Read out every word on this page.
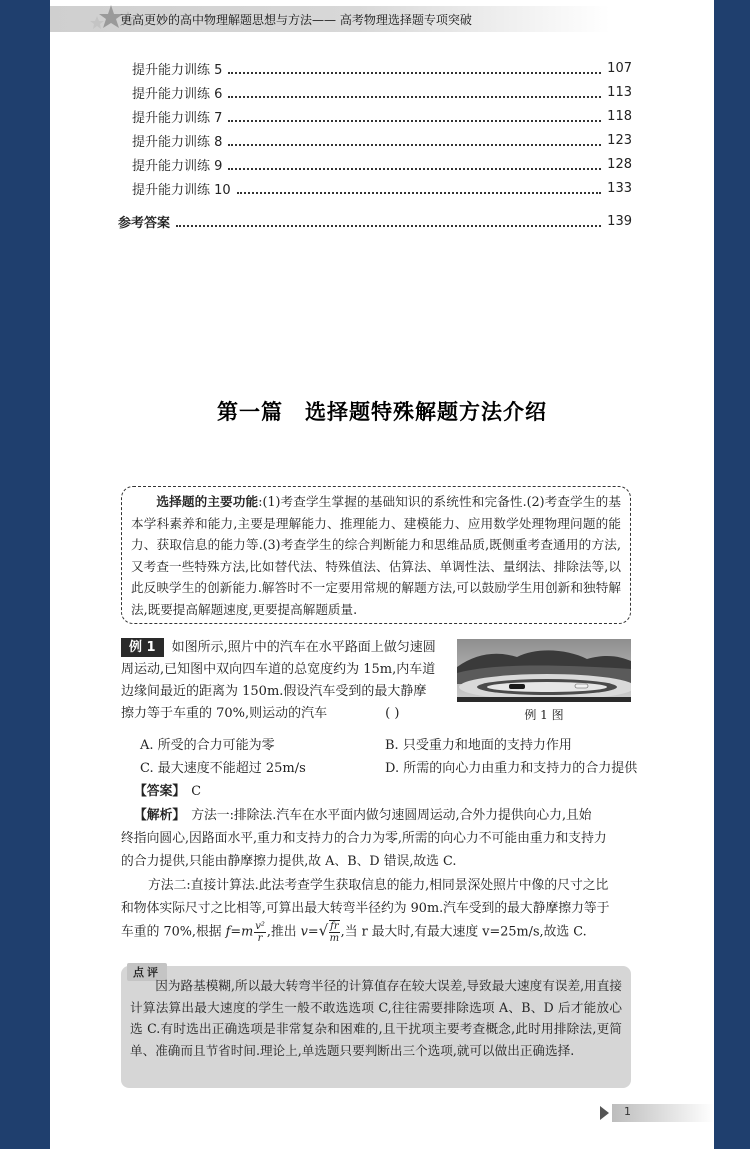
更高更妙的高中物理解题思想与方法—— 高考物理选择题专项突破
提升能力训练 5	107
提升能力训练 6	113
提升能力训练 7	118
提升能力训练 8	123
提升能力训练 9	128
提升能力训练 10	133
参考答案	139
第一篇 选择题特殊解题方法介绍
选择题的主要功能:(1)考查学生掌握的基础知识的系统性和完备性.(2)考查学生的基本学科素养和能力,主要是理解能力、推理能力、建模能力、应用数学处理物理问题的能力、获取信息的能力等.(3)考查学生的综合判断能力和思维品质,既侧重考查通用的方法,又考查一些特殊方法,比如替代法、特殊值法、估算法、单调性法、量纲法、排除法等,以此反映学生的创新能力.解答时不一定要用常规的解题方法,可以鼓励学生用创新和独特解法,既要提高解题速度,更要提高解题质量.
例 1 如图所示,照片中的汽车在水平路面上做匀速圆周运动,已知图中双向四车道的总宽度约为 15m,内车道边缘间最近的距离为 150m.假设汽车受到的最大静摩擦力等于车重的 70%,则运动的汽车	( )	例 1 图
A. 所受的合力可能为零	B. 只受重力和地面的支持力作用
C. 最大速度不能超过 25m/s	D. 所需的向心力由重力和支持力的合力提供
【答案】 C
【解析】 方法一:排除法.汽车在水平面内做匀速圆周运动,合外力提供向心力,且始
终指向圆心,因路面水平,重力和支持力的合力为零,所需的向心力不可能由重力和支持力
的合力提供,只能由静摩擦力提供,故 A、B、D 错误,故选 C.
方法二:直接计算法.此法考查学生获取信息的能力,相同景深处照片中像的尺寸之比
和物体实际尺寸之比相等,可算出最大转弯半径约为 90m.汽车受到的最大静摩擦力等于
车重的 70%,根据 $f=m \frac{\text{v²}}{r}$ ,推出 $v=√ \frac{fr}{m}$ ,当 r 最大时,有最大速度 v=25m/s,故选 C.
点评
因为路基模糊,所以最大转弯半径的计算值存在较大误差,导致最大速度有误差,用直接计算法算出最大速度的学生一般不敢选选项 C,往往需要排除选项 A、B、D 后才能放心选 C.有时选出正确选项是非常复杂和困难的,且干扰项主要考查概念,此时用排除法,更简单、准确而且节省时间.理论上,单选题只要判断出三个选项,就可以做出正确选择.
1
